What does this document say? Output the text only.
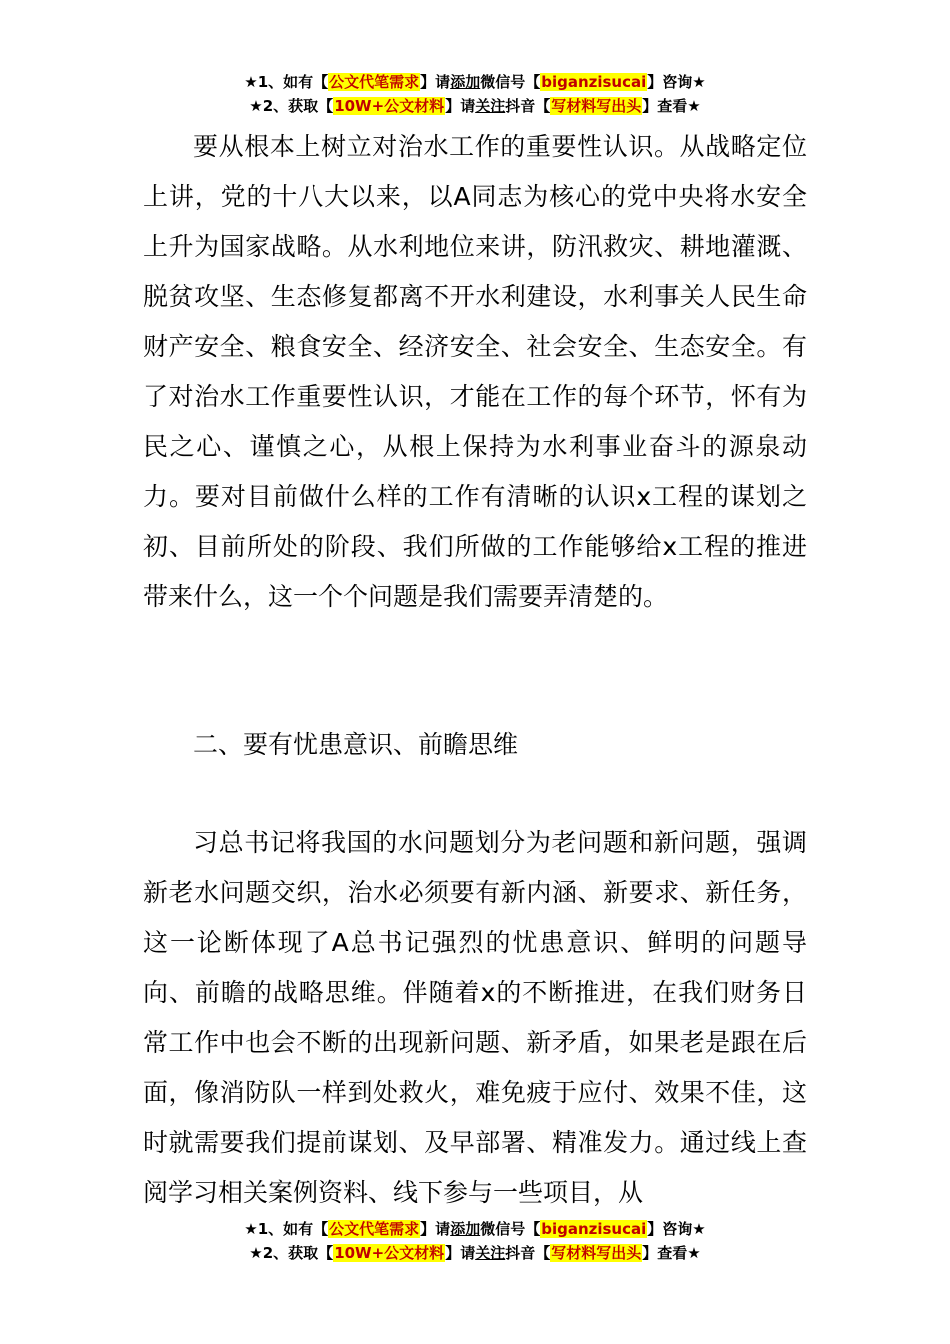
★1、如有【公文代笔需求】请添加微信号【biganzisucai】咨询★
★2、获取【10W+公文材料】请关注抖音【写材料写出头】查看★

要从根本上树立对治水工作的重要性认识。从战略定位上讲，党的十八大以来，以A同志为核心的党中央将水安全上升为国家战略。从水利地位来讲，防汛救灾、耕地灌溉、脱贫攻坚、生态修复都离不开水利建设，水利事关人民生命财产安全、粮食安全、经济安全、社会安全、生态安全。有了对治水工作重要性认识，才能在工作的每个环节，怀有为民之心、谨慎之心，从根上保持为水利事业奋斗的源泉动力。要对目前做什么样的工作有清晰的认识x工程的谋划之初、目前所处的阶段、我们所做的工作能够给x工程的推进带来什么，这一个个问题是我们需要弄清楚的。

二、要有忧患意识、前瞻思维

习总书记将我国的水问题划分为老问题和新问题，强调新老水问题交织，治水必须要有新内涵、新要求、新任务，这一论断体现了A总书记强烈的忧患意识、鲜明的问题导向、前瞻的战略思维。伴随着x的不断推进，在我们财务日常工作中也会不断的出现新问题、新矛盾，如果老是跟在后面，像消防队一样到处救火，难免疲于应付、效果不佳，这时就需要我们提前谋划、及早部署、精准发力。通过线上查阅学习相关案例资料、线下参与一些项目，从

★1、如有【公文代笔需求】请添加微信号【biganzisucai】咨询★
★2、获取【10W+公文材料】请关注抖音【写材料写出头】查看★
